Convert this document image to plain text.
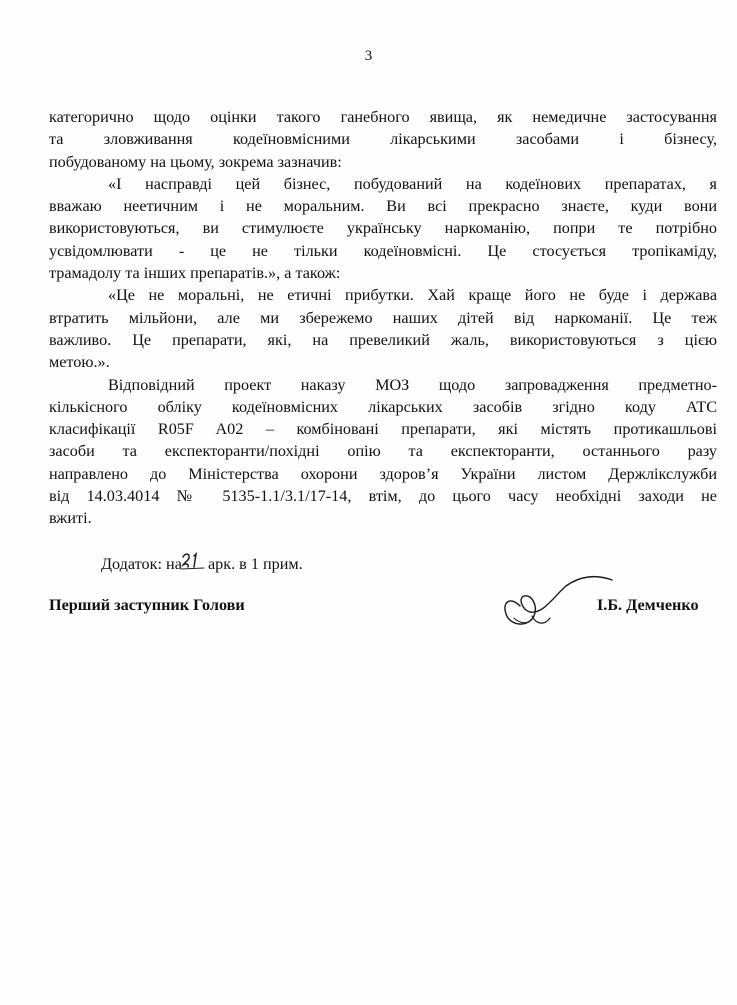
3

категорично щодо оцінки такого ганебного явища, як немедичне застосування
та зловживання кодеїновмісними лікарськими засобами і бізнесу,
побудованому на цьому, зокрема зазначив:

«І насправді цей бізнес, побудований на кодеїнових препаратах, я
вважаю неетичним і не моральним. Ви всі прекрасно знаєте, куди вони
використовуються, ви стимулюєте українську наркоманію, попри те потрібно
усвідомлювати - це не тільки кодеїновмісні. Це стосується тропікаміду,
трамадолу та інших препаратів.», а також:

«Це не моральні, не етичні прибутки. Хай краще його не буде і держава
втратить мільйони, але ми збережемо наших дітей від наркоманії. Це теж
важливо. Це препарати, які, на превеликий жаль, використовуються з цією
метою.».

Відповідний проект наказу МОЗ щодо запровадження предметно-
кількісного обліку кодеїновмісних лікарських засобів згідно коду АТС
класифікації R05F A02 – комбіновані препарати, які містять протикашльові
засоби та експекторанти/похідні опію та експекторанти, останнього разу
направлено до Міністерства охорони здоров’я України листом Держлікслужби
від 14.03.4014 № 5135-1.1/3.1/17-14, втім, до цього часу необхідні заходи не
вжиті.

Додаток: на
арк. в 1 прим.
Перший заступник Голови	І.Б. Демченко
